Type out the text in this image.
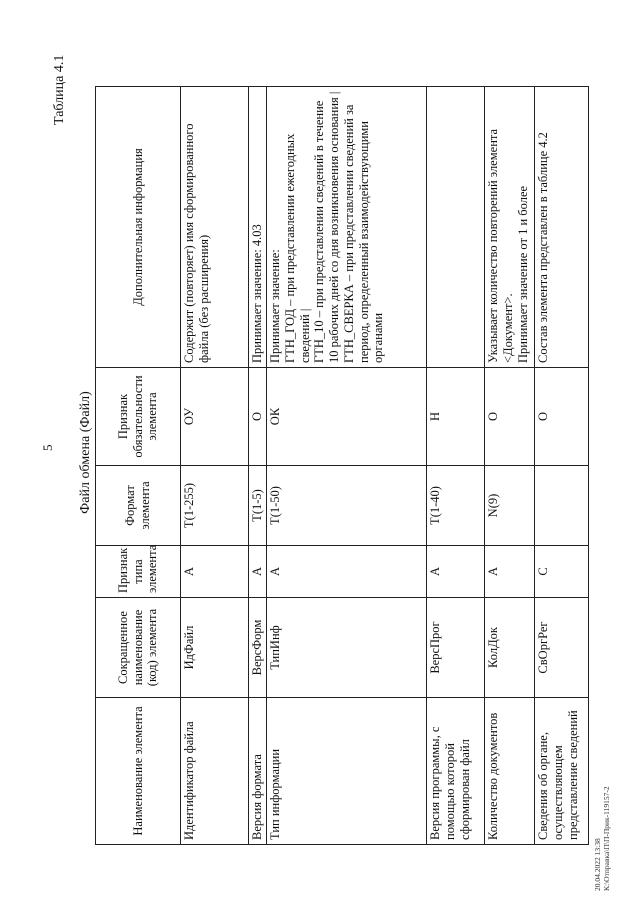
5
Таблица 4.1
Файл обмена (Файл)
Наименование элемента	Сокращенное наименование (код) элемента	Признак типа элемента	Формат элемента	Признак обязательности элемента	Дополнительная информация
Идентификатор файла	ИдФайл	А	Т(1-255)	ОУ	Содержит (повторяет) имя сформированного файла (без расширения)
Версия формата	ВерсФорм	А	Т(1-5)	О	Принимает значение: 4.03
Тип информации	ТипИнф	А	Т(1-50)	ОК	Принимает значение:
ГТН_ГОД – при представлении ежегодных сведений |
ГТН_10 – при представлении сведений в течение 10 рабочих дней со дня возникновения основания |
ГТН_СВЕРКА – при представлении сведений за период, определенный взаимодействующими органами
Версия программы, с помощью которой сформирован файл	ВерсПрог	А	Т(1-40)	Н	
Количество документов	КолДок	А	N(9)	О	Указывает количество повторений элемента <Документ>.
Принимает значение от 1 и более
Сведения об органе, осуществляющем представление сведений	СвОргРег	С		О	Состав элемента представлен в таблице 4.2
20.04.2022 13:38 К:\Отправка\П\П-Прик-119157-2
